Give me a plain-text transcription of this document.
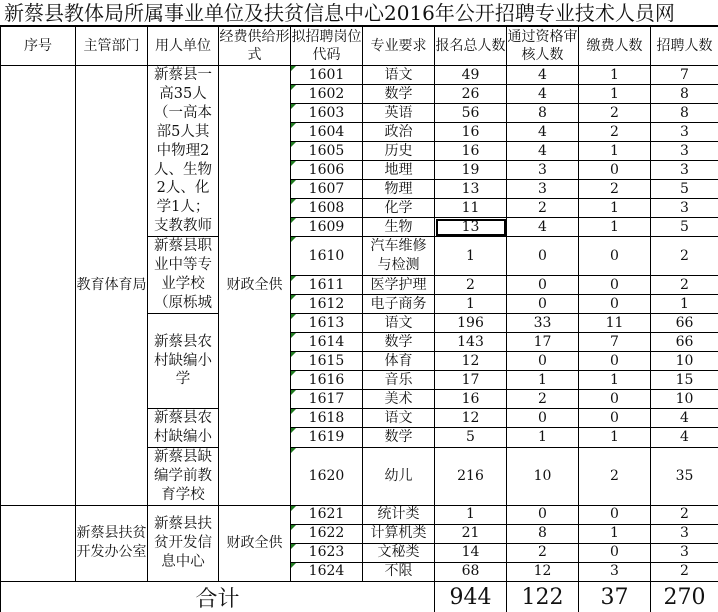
新蔡县教体局所属事业单位及扶贫信息中心2016年公开招聘专业技术人员网
序号	主管部门	用人单位	经费供给形式	拟招聘岗位代码	专业要求	报名总人数	通过资格审核人数	缴费人数	招聘人数
	教育体育局	新蔡县一高35人（一高本部5人其中物理2人、生物2人、化学1人；支教教师	财政全供	1601	语文	49	4	1	7
				1602	数学	26	4	1	8
				1603	英语	56	8	2	8
				1604	政治	16	4	2	3
				1605	历史	16	4	1	3
				1606	地理	19	3	0	3
				1607	物理	13	3	2	5
				1608	化学	11	2	1	3
				1609	生物	13	4	1	5

		新蔡县职业中等专业学校（原栎城		1610	汽车维修与检测	1	0	0	2
				1611	医学护理	2	0	0	2
				1612	电子商务	1	0	0	1

		新蔡县农村缺编小学		1613	语文	196	33	11	66
				1614	数学	143	17	7	66
				1615	体育	12	0	0	10
				1616	音乐	17	1	1	15
				1617	美术	16	2	0	10

		新蔡县农村缺编小		1618	语文	12	0	0	4
				1619	数学	5	1	1	4

		新蔡县缺编学前教育学校		1620	幼儿	216	10	2	35
	新蔡县扶贫开发办公室	新蔡县扶贫开发信息中心	财政全供	1621	统计类	1	0	0	2
				1622	计算机类	21	8	1	3
				1623	文秘类	14	2	0	3
				1624	不限	68	12	3	2
合计						944	122	37	270
